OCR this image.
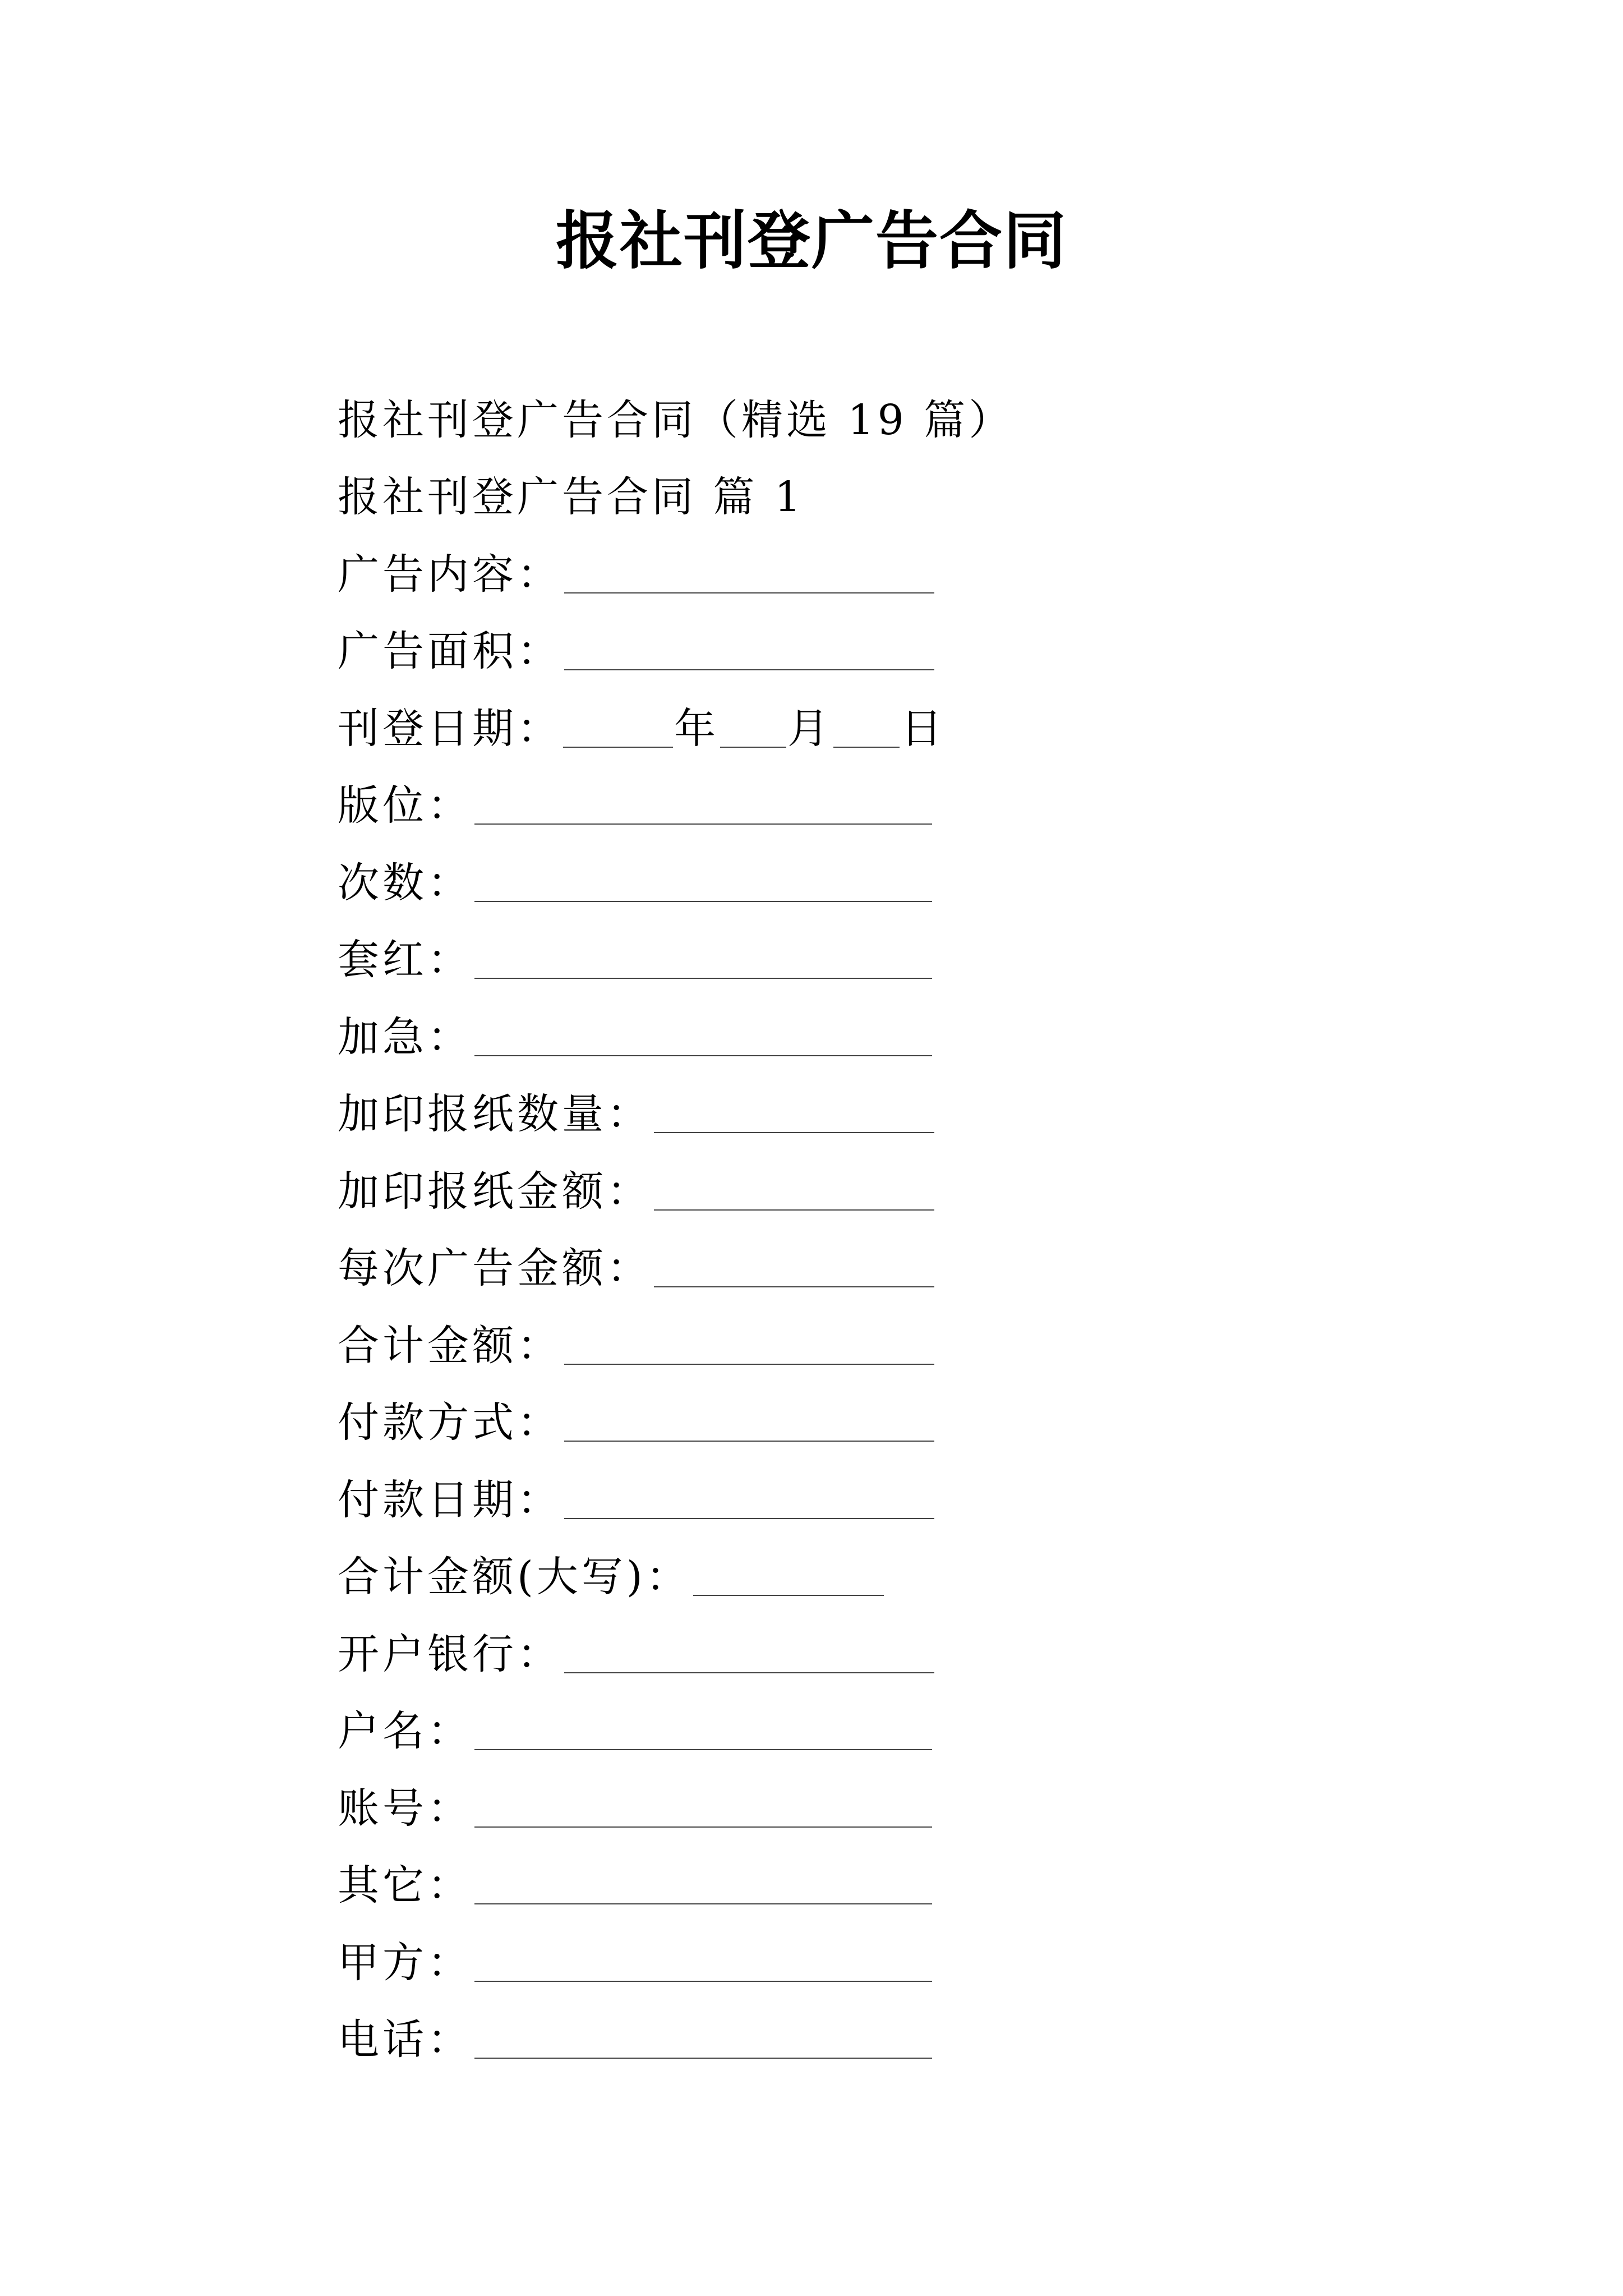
报社刊登广告合同
报社刊登广告合同（精选 19 篇）
报社刊登广告合同 篇 1
广告内容：
广告面积：
刊登日期：	年 月 日
版位：
次数：
套红：
加急：
加印报纸数量：
加印报纸金额：
每次广告金额：
合计金额：
付款方式：
付款日期：
合计金额(大写)：
开户银行：
户名：
账号：
其它：
甲方：
电话：
